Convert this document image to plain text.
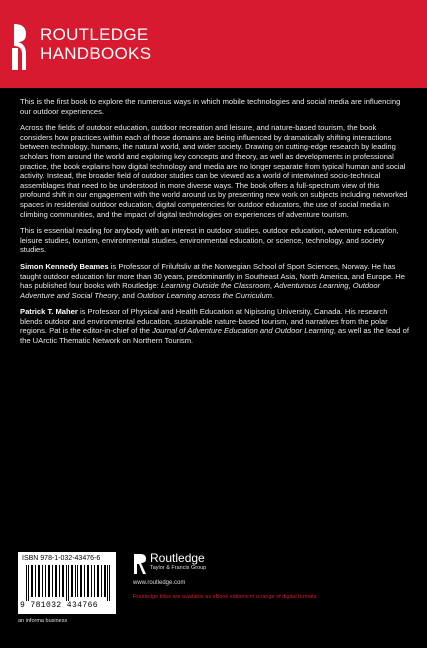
ROUTLEDGE
HANDBOOKS

This is the first book to explore the numerous ways in which mobile technologies and social media are influencing our outdoor experiences.

Across the fields of outdoor education, outdoor recreation and leisure, and nature-based tourism, the book considers how practices within each of those domains are being influenced by dramatically shifting interactions between technology, humans, the natural world, and wider society. Drawing on cutting-edge research by leading scholars from around the world and exploring key concepts and theory, as well as developments in professional practice, the book explains how digital technology and media are no longer separate from typical human and social activity. Instead, the broader field of outdoor studies can be viewed as a world of intertwined socio-technical assemblages that need to be understood in more diverse ways. The book offers a full-spectrum view of this profound shift in our engagement with the world around us by presenting new work on subjects including networked spaces in residential outdoor education, digital competencies for outdoor educators, the use of social media in climbing communities, and the impact of digital technologies on experiences of adventure tourism.

This is essential reading for anybody with an interest in outdoor studies, outdoor education, adventure education, leisure studies, tourism, environmental studies, environmental education, or science, technology, and society studies.

Simon Kennedy Beames is Professor of Friluftsliv at the Norwegian School of Sport Sciences, Norway. He has taught outdoor education for more than 30 years, predominantly in Southeast Asia, North America, and Europe. He has published four books with Routledge: Learning Outside the Classroom, Adventurous Learning, Outdoor Adventure and Social Theory, and Outdoor Learning across the Curriculum.

Patrick T. Maher is Professor of Physical and Health Education at Nipissing University, Canada. His research blends outdoor and environmental education, sustainable nature-based tourism, and narratives from the polar regions. Pat is the editor-in-chief of the Journal of Adventure Education and Outdoor Learning, as well as the lead of the UArctic Thematic Network on Northern Tourism.

ISBN 978-1-032-43476-6
9 781032 434766
an informa business
Routledge
Taylor & Francis Group
www.routledge.com
Routledge titles are available as eBook editions in a range of digital formats
